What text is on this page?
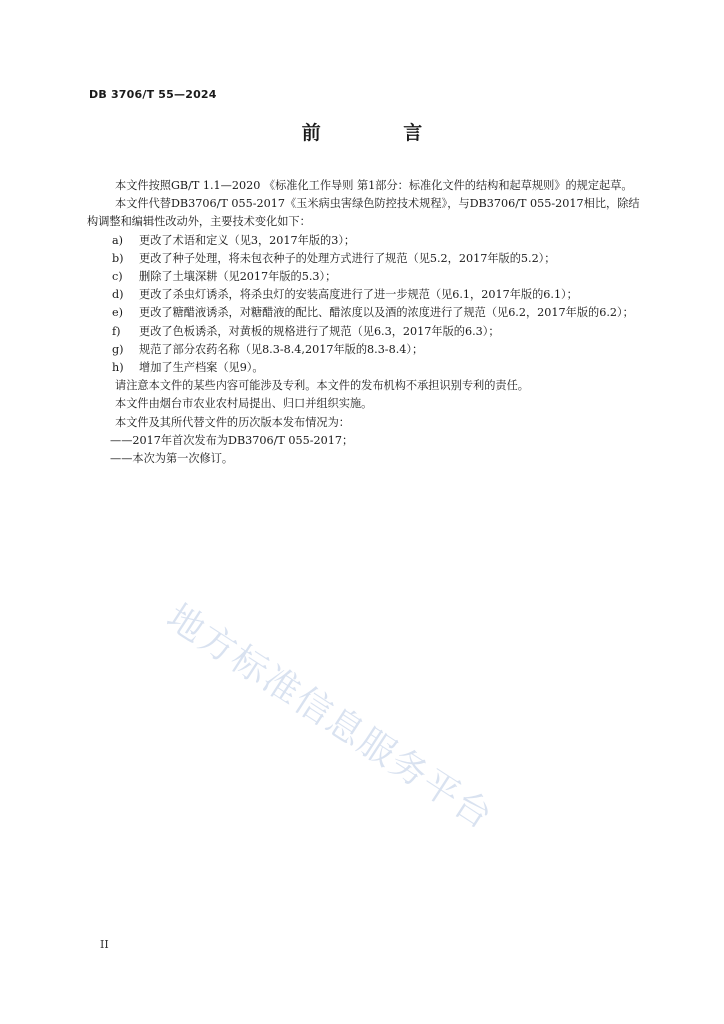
DB 3706/T 55—2024
前 言

本文件按照GB/T 1.1—2020 《标准化工作导则 第1部分：标准化文件的结构和起草规则》的规定起草。

本文件代替DB3706/T 055-2017《玉米病虫害绿色防控技术规程》，与DB3706/T 055-2017相比，除结构调整和编辑性改动外，主要技术变化如下：

a) 更改了术语和定义（见3，2017年版的3）；

b) 更改了种子处理，将未包衣种子的处理方式进行了规范（见5.2，2017年版的5.2）；

c) 删除了土壤深耕（见2017年版的5.3）；

d) 更改了杀虫灯诱杀，将杀虫灯的安装高度进行了进一步规范（见6.1，2017年版的6.1）；

e) 更改了糖醋液诱杀，对糖醋液的配比、醋浓度以及酒的浓度进行了规范（见6.2，2017年版的6.2）；

f) 更改了色板诱杀，对黄板的规格进行了规范（见6.3，2017年版的6.3）；

g) 规范了部分农药名称（见8.3-8.4,2017年版的8.3-8.4）；

h) 增加了生产档案（见9）。

请注意本文件的某些内容可能涉及专利。本文件的发布机构不承担识别专利的责任。

本文件由烟台市农业农村局提出、归口并组织实施。

本文件及其所代替文件的历次版本发布情况为：

——2017年首次发布为DB3706/T 055-2017；

——本次为第一次修订。

地方标准信息服务平台
II
